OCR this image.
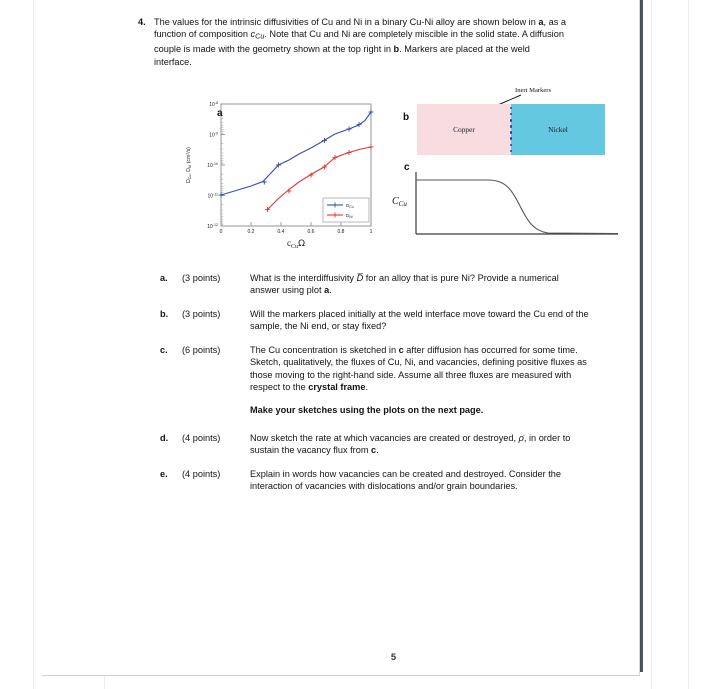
4. The values for the intrinsic diffusivities of Cu and Ni in a binary Cu-Ni alloy are shown below in a, as a function of composition $c_{Cu}$. Note that Cu and Ni are completely miscible in the solid state. A diffusion couple is made with the geometry shown at the top right in b. Markers are placed at the weld interface.
$10^{-8}$
$10^{-9}$
$10^{-10}$
$10^{-11}$
$10^{-12}$
0	0.2	0.4	0.6	0.8	1
$D_{Cu}$, $D_{Ni}$ $(cm^2/s)$
$c_{Cu}\Omega$
$D_{Cu}$
$D_{Ni}$
a	b
Inert Markers
Copper	Nickel
c
CCu
a.	(3 points)	What is the interdiffusivity D̅ for an alloy that is pure Ni? Provide a numerical answer using plot a.
b.	(3 points)	Will the markers placed initially at the weld interface move toward the Cu end of the sample, the Ni end, or stay fixed?
c.	(6 points)	The Cu concentration is sketched in c after diffusion has occurred for some time. Sketch, qualitatively, the fluxes of Cu, Ni, and vacancies, defining positive fluxes as those moving to the right-hand side. Assume all three fluxes are measured with respect to the crystal frame.
Make your sketches using the plots on the next page.
d.	(4 points)	Now sketch the rate at which vacancies are created or destroyed, ρ̇, in order to sustain the vacancy flux from c.
e.	(4 points)	Explain in words how vacancies can be created and destroyed. Consider the interaction of vacancies with dislocations and/or grain boundaries.
5
